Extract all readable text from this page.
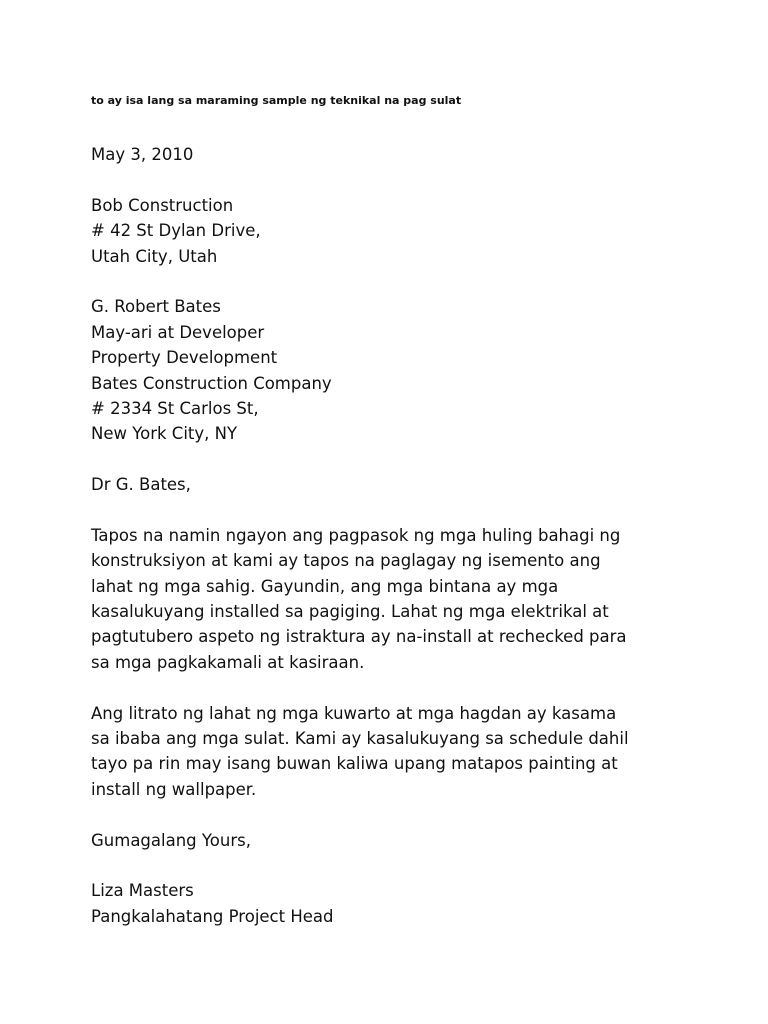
to ay isa lang sa maraming sample ng teknikal na pag sulat
May 3, 2010
Bob Construction
# 42 St Dylan Drive,
Utah City, Utah
G. Robert Bates
May-ari at Developer
Property Development
Bates Construction Company
# 2334 St Carlos St,
New York City, NY
Dr G. Bates,
Tapos na namin ngayon ang pagpasok ng mga huling bahagi ng
konstruksiyon at kami ay tapos na paglagay ng isemento ang
lahat ng mga sahig. Gayundin, ang mga bintana ay mga
kasalukuyang installed sa pagiging. Lahat ng mga elektrikal at
pagtutubero aspeto ng istraktura ay na-install at rechecked para
sa mga pagkakamali at kasiraan.
Ang litrato ng lahat ng mga kuwarto at mga hagdan ay kasama
sa ibaba ang mga sulat. Kami ay kasalukuyang sa schedule dahil
tayo pa rin may isang buwan kaliwa upang matapos painting at
install ng wallpaper.
Gumagalang Yours,
Liza Masters
Pangkalahatang Project Head
